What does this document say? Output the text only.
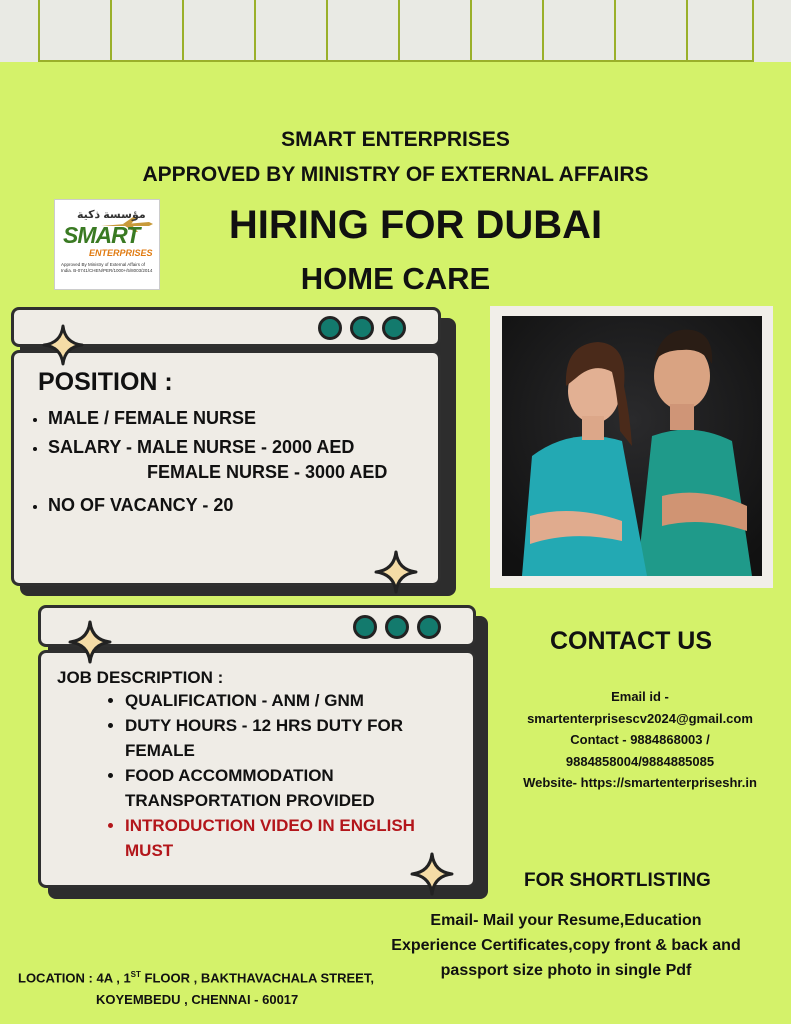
SMART ENTERPRISES
APPROVED BY MINISTRY OF EXTERNAL AFFAIRS
HIRING FOR DUBAI
HOME CARE
مؤسسة ذكية
SMART
ENTERPRISES
Approved By Ministry of External Affairs of India. B-0741/CHEN/PER/1000+/5/8003/2014
POSITION :
• MALE / FEMALE NURSE
• SALARY - MALE NURSE - 2000 AED
• NO OF VACANCY - 20
FEMALE NURSE - 3000 AED
JOB DESCRIPTION :
• QUALIFICATION - ANM / GNM
• DUTY HOURS - 12 HRS DUTY FOR FEMALE
• FOOD ACCOMMODATION TRANSPORTATION PROVIDED
• INTRODUCTION VIDEO IN ENGLISH MUST
CONTACT US
Email id -
smartenterprisescv2024@gmail.com
Contact - 9884868003 /
9884858004/9884885085
Website- https://smartenterpriseshr.in
FOR SHORTLISTING
Email- Mail your Resume,Education
Experience Certificates,copy front & back and
passport size photo in single Pdf
LOCATION : 4A , 1ST FLOOR , BAKTHAVACHALA STREET,
KOYEMBEDU , CHENNAI - 60017
